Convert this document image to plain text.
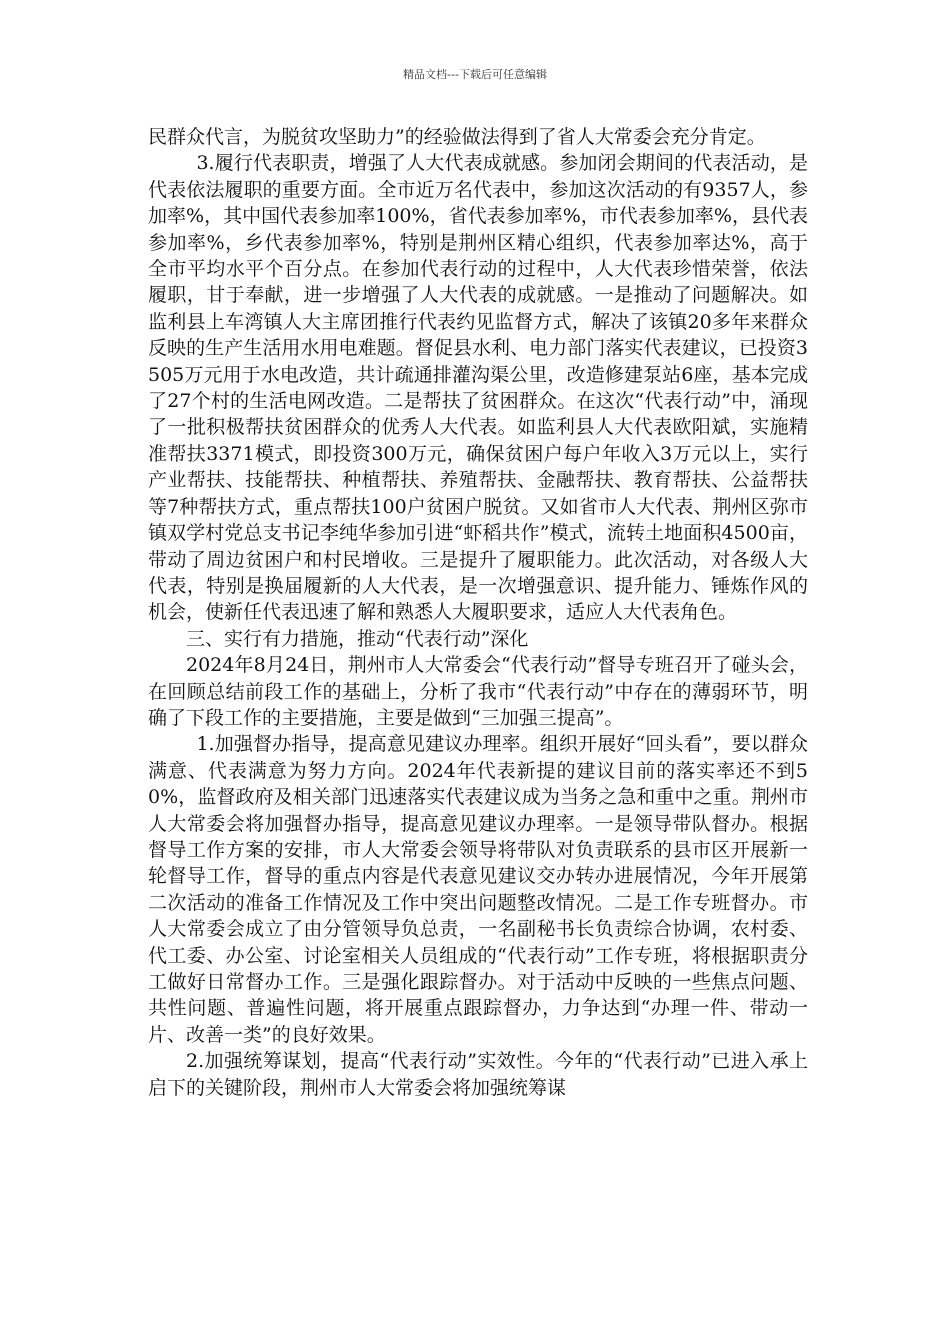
精品文档---下载后可任意编辑

民群众代言，为脱贫攻坚助力”的经验做法得到了省人大常委会充分肯定。

3.履行代表职责，增强了人大代表成就感。参加闭会期间的代表活动，是代表依法履职的重要方面。全市近万名代表中，参加这次活动的有9357人，参加率%，其中国代表参加率100%，省代表参加率%，市代表参加率%，县代表参加率%，乡代表参加率%，特别是荆州区精心组织，代表参加率达%，高于全市平均水平个百分点。在参加代表行动的过程中，人大代表珍惜荣誉，依法履职，甘于奉献，进一步增强了人大代表的成就感。一是推动了问题解决。如监利县上车湾镇人大主席团推行代表约见监督方式，解决了该镇20多年来群众反映的生产生活用水用电难题。督促县水利、电力部门落实代表建议，已投资3505万元用于水电改造，共计疏通排灌沟渠公里，改造修建泵站6座，基本完成了27个村的生活电网改造。二是帮扶了贫困群众。在这次“代表行动”中，涌现了一批积极帮扶贫困群众的优秀人大代表。如监利县人大代表欧阳斌，实施精准帮扶3371模式，即投资300万元，确保贫困户每户年收入3万元以上，实行产业帮扶、技能帮扶、种植帮扶、养殖帮扶、金融帮扶、教育帮扶、公益帮扶等7种帮扶方式，重点帮扶100户贫困户脱贫。又如省市人大代表、荆州区弥市镇双学村党总支书记李纯华参加引进“虾稻共作”模式，流转土地面积4500亩，带动了周边贫困户和村民增收。三是提升了履职能力。此次活动，对各级人大代表，特别是换届履新的人大代表，是一次增强意识、提升能力、锤炼作风的机会，使新任代表迅速了解和熟悉人大履职要求，适应人大代表角色。

三、实行有力措施，推动“代表行动”深化

2024年8月24日，荆州市人大常委会“代表行动”督导专班召开了碰头会，在回顾总结前段工作的基础上，分析了我市“代表行动”中存在的薄弱环节，明确了下段工作的主要措施，主要是做到“三加强三提高”。

1.加强督办指导，提高意见建议办理率。组织开展好“回头看”，要以群众满意、代表满意为努力方向。2024年代表新提的建议目前的落实率还不到50%，监督政府及相关部门迅速落实代表建议成为当务之急和重中之重。荆州市人大常委会将加强督办指导，提高意见建议办理率。一是领导带队督办。根据督导工作方案的安排，市人大常委会领导将带队对负责联系的县市区开展新一轮督导工作，督导的重点内容是代表意见建议交办转办进展情况，今年开展第二次活动的准备工作情况及工作中突出问题整改情况。二是工作专班督办。市人大常委会成立了由分管领导负总责，一名副秘书长负责综合协调，农村委、代工委、办公室、讨论室相关人员组成的“代表行动”工作专班，将根据职责分工做好日常督办工作。三是强化跟踪督办。对于活动中反映的一些焦点问题、共性问题、普遍性问题，将开展重点跟踪督办，力争达到“办理一件、带动一片、改善一类”的良好效果。

2.加强统筹谋划，提高“代表行动”实效性。今年的“代表行动”已进入承上启下的关键阶段，荆州市人大常委会将加强统筹谋
